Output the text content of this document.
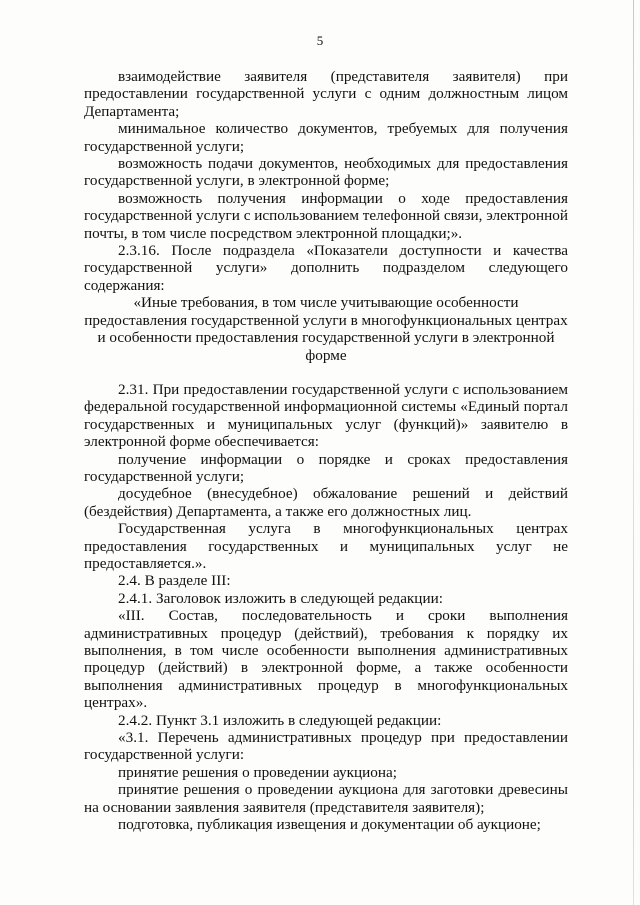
5

взаимодействие заявителя (представителя заявителя) при предоставлении государственной услуги с одним должностным лицом Департамента;

минимальное количество документов, требуемых для получения государственной услуги;

возможность подачи документов, необходимых для предоставления государственной услуги, в электронной форме;

возможность получения информации о ходе предоставления государственной услуги с использованием телефонной связи, электронной почты, в том числе посредством электронной площадки;».

2.3.16. После подраздела «Показатели доступности и качества государственной услуги» дополнить подразделом следующего содержания:

«Иные требования, в том числе учитывающие особенности предоставления государственной услуги в многофункциональных центрах и особенности предоставления государственной услуги в электронной форме

2.31. При предоставлении государственной услуги с использованием федеральной государственной информационной системы «Единый портал государственных и муниципальных услуг (функций)» заявителю в электронной форме обеспечивается:

получение информации о порядке и сроках предоставления государственной услуги;

досудебное (внесудебное) обжалование решений и действий (бездействия) Департамента, а также его должностных лиц.

Государственная услуга в многофункциональных центрах предоставления государственных и муниципальных услуг не предоставляется.».

2.4. В разделе III:

2.4.1. Заголовок изложить в следующей редакции:

«III. Состав, последовательность и сроки выполнения административных процедур (действий), требования к порядку их выполнения, в том числе особенности выполнения административных процедур (действий) в электронной форме, а также особенности выполнения административных процедур в многофункциональных центрах».

2.4.2. Пункт 3.1 изложить в следующей редакции:

«3.1. Перечень административных процедур при предоставлении государственной услуги:

принятие решения о проведении аукциона;

принятие решения о проведении аукциона для заготовки древесины на основании заявления заявителя (представителя заявителя);

подготовка, публикация извещения и документации об аукционе;
